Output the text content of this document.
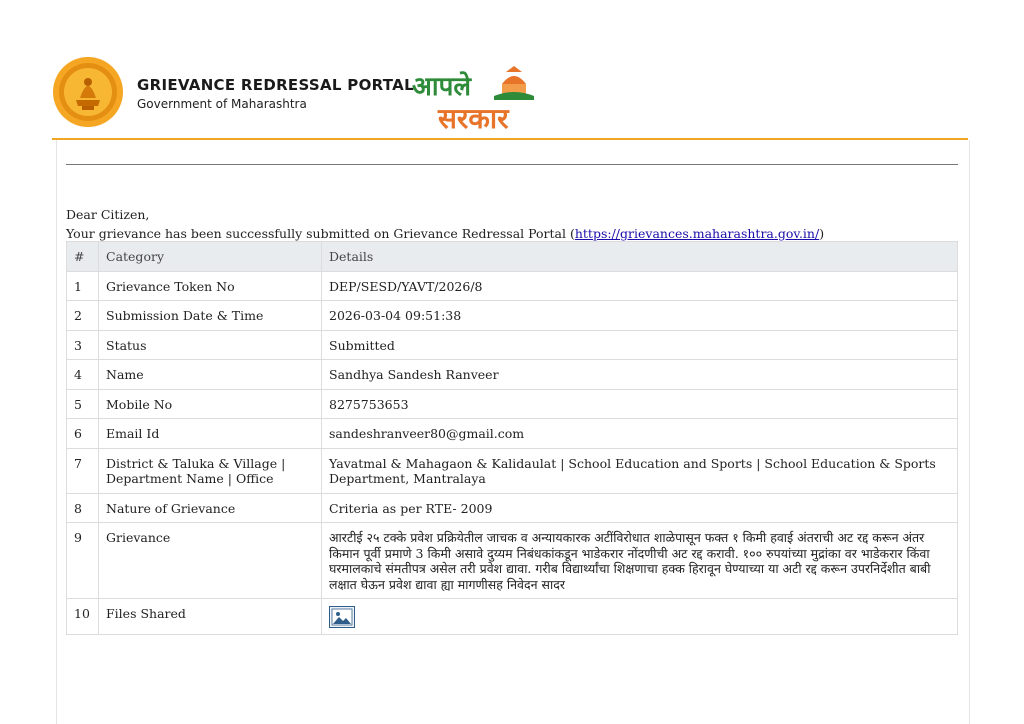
GRIEVANCE REDRESSAL PORTAL
Government of Maharashtra
आपले
सरकार
Dear Citizen,
Your grievance has been successfully submitted on Grievance Redressal Portal (https://grievances.maharashtra.gov.in/)
#	Category	Details
1	Grievance Token No	DEP/SESD/YAVT/2026/8
2	Submission Date & Time	2026-03-04 09:51:38
3	Status	Submitted
4	Name	Sandhya Sandesh Ranveer
5	Mobile No	8275753653
6	Email Id	sandeshranveer80@gmail.com
7	District & Taluka & Village | Department Name | Office	Yavatmal & Mahagaon & Kalidaulat | School Education and Sports | School Education & Sports Department, Mantralaya
8	Nature of Grievance	Criteria as per RTE- 2009
9	Grievance	आरटीई २५ टक्के प्रवेश प्रक्रियेतील जाचक व अन्यायकारक अटींविरोधात शाळेपासून फक्त १ किमी हवाई अंतराची अट रद्द करून अंतर किमान पूर्वी प्रमाणे 3 किमी असावे दुय्यम निबंधकांकडून भाडेकरार नोंदणीची अट रद्द करावी. १०० रुपयांच्या मुद्रांका वर भाडेकरार किंवा घरमालकाचे संमतीपत्र असेल तरी प्रवेश द्यावा. गरीब विद्यार्थ्यांचा शिक्षणाचा हक्क हिरावून घेण्याच्या या अटी रद्द करून उपरनिर्देशीत बाबी लक्षात घेऊन प्रवेश द्यावा ह्या मागणीसह निवेदन सादर
10	Files Shared	
